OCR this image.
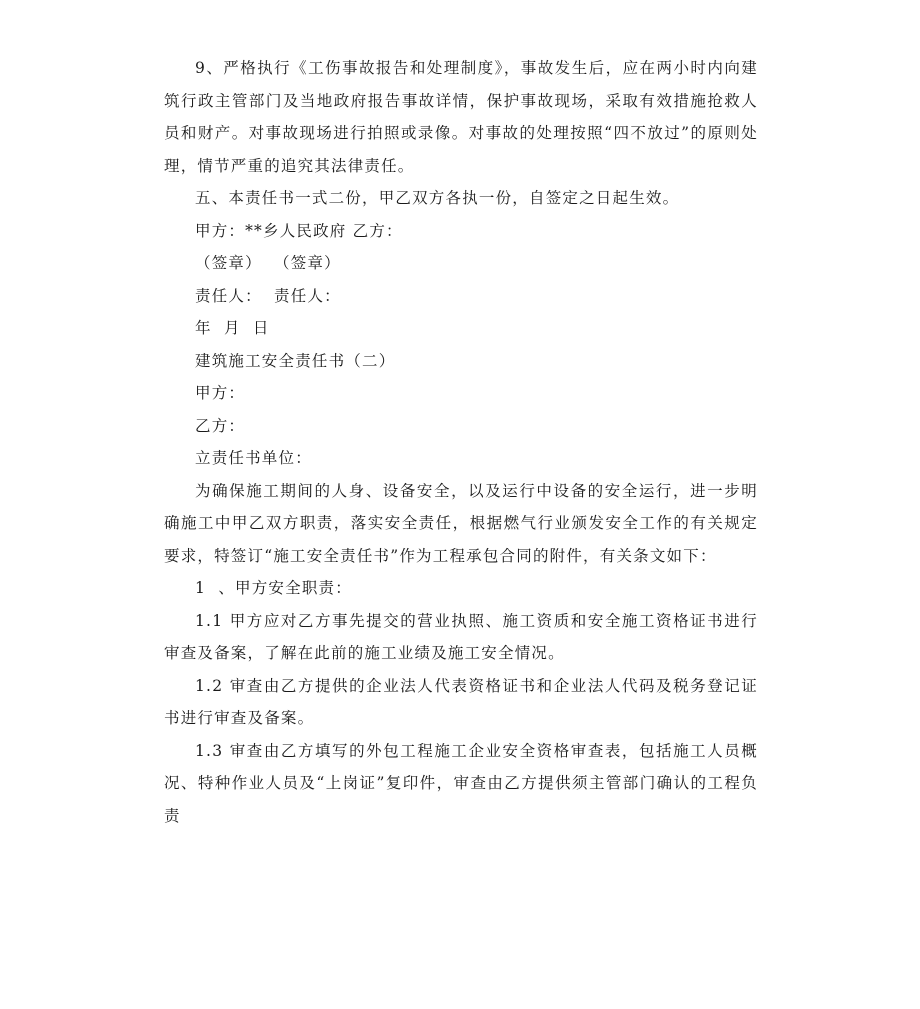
9、严格执行《工伤事故报告和处理制度》，事故发生后，应在两小时内向建筑行政主管部门及当地政府报告事故详情，保护事故现场，采取有效措施抢救人员和财产。对事故现场进行拍照或录像。对事故的处理按照“四不放过”的原则处理，情节严重的追究其法律责任。

五、本责任书一式二份，甲乙双方各执一份，自签定之日起生效。

甲方：**乡人民政府 乙方：

（签章）  （签章）

责任人：  责任人：

年  月  日

建筑施工安全责任书（二）

甲方：

乙方：

立责任书单位：

为确保施工期间的人身、设备安全，以及运行中设备的安全运行，进一步明确施工中甲乙双方职责，落实安全责任，根据燃气行业颁发安全工作的有关规定要求，特签订“施工安全责任书”作为工程承包合同的附件，有关条文如下：

1  、甲方安全职责：

1.1 甲方应对乙方事先提交的营业执照、施工资质和安全施工资格证书进行审查及备案，了解在此前的施工业绩及施工安全情况。

1.2 审查由乙方提供的企业法人代表资格证书和企业法人代码及税务登记证书进行审查及备案。

1.3 审查由乙方填写的外包工程施工企业安全资格审查表，包括施工人员概况、特种作业人员及“上岗证”复印件，审查由乙方提供须主管部门确认的工程负责
